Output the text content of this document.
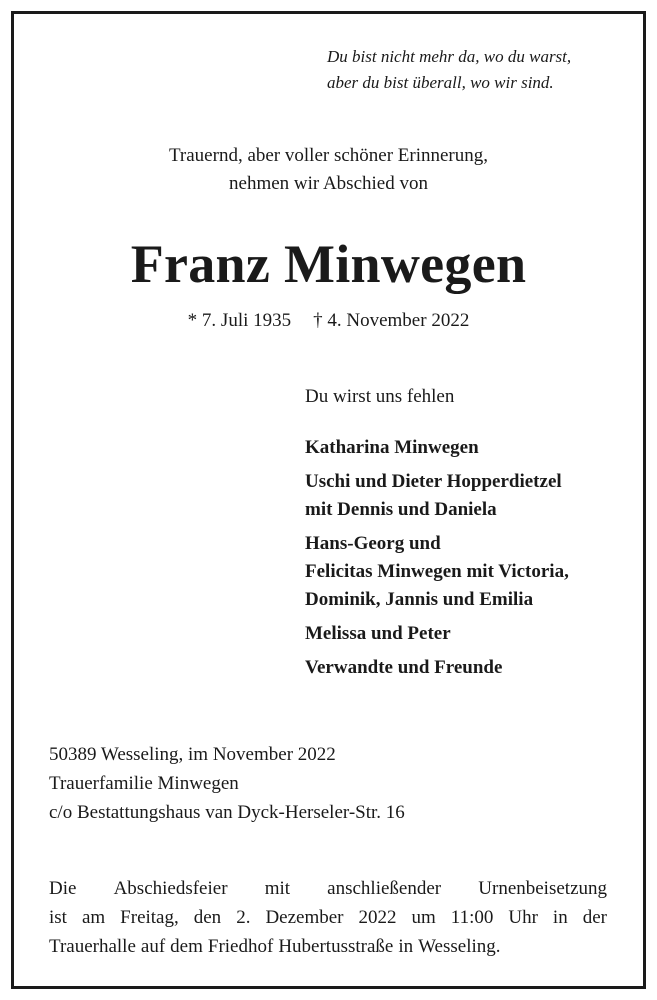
Du bist nicht mehr da, wo du warst,
aber du bist überall, wo wir sind.
Trauernd, aber voller schöner Erinnerung,
nehmen wir Abschied von
Franz Minwegen
* 7. Juli 1935 † 4. November 2022
Du wirst uns fehlen
Katharina Minwegen
Uschi und Dieter Hopperdietzel
mit Dennis und Daniela
Hans-Georg und
Felicitas Minwegen mit Victoria,
Dominik, Jannis und Emilia
Melissa und Peter
Verwandte und Freunde
50389 Wesseling, im November 2022
Trauerfamilie Minwegen
c/o Bestattungshaus van Dyck-Herseler-Str. 16
Die Abschiedsfeier mit anschließender Urnenbeisetzung
ist am Freitag, den 2. Dezember 2022 um 11:00 Uhr in der
Trauerhalle auf dem Friedhof Hubertusstraße in Wesseling.
